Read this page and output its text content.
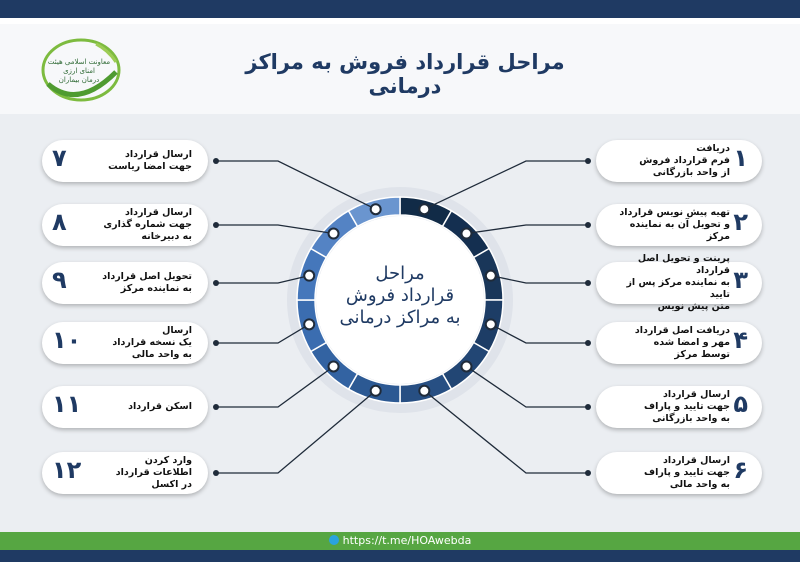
معاونت اسلامی هیئت امنای ارزی
درمان بیماران
مراحل قرارداد فروش به مراکز درمانی
مراحل
قرارداد فروش
به مراکز درمانی
۱
دریافت
فرم قرارداد فروش
از واحد بازرگانی
۲
تهیه پیش نویس قرارداد
و تحویل آن به نماینده مرکز
۳
پرینت و تحویل اصل قرارداد
به نماینده مرکز پس از تایید
متن پیش نویس
۴
دریافت اصل قرارداد
مهر و امضا شده
توسط مرکز
۵
ارسال قرارداد
جهت تایید و پاراف
به واحد بازرگانی
۶
ارسال قرارداد
جهت تایید و پاراف
به واحد مالی
۷	ارسال قرارداد
جهت امضا ریاست
۸	ارسال قرارداد
جهت شماره گذاری
به دبیرخانه
۹	تحویل اصل قرارداد
به نماینده مرکز
۱۰	ارسال
یک نسخه قرارداد
به واحد مالی
۱۱	اسکن قرارداد
۱۲	وارد کردن
اطلاعات قرارداد
در اکسل
https://t.me/HOAwebda
